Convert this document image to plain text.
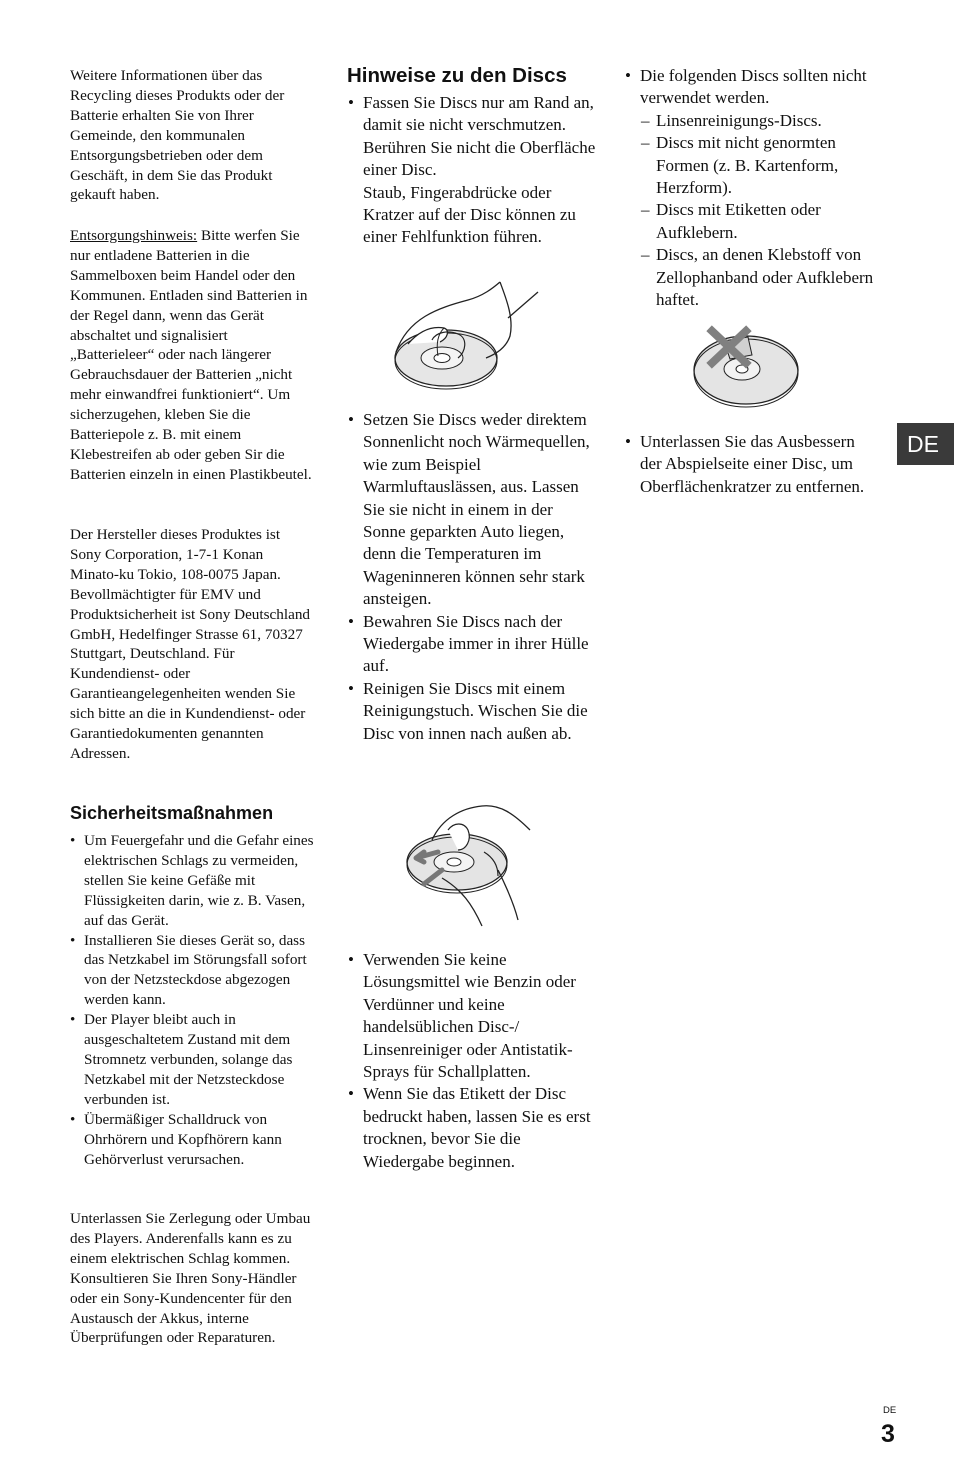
Weitere Informationen über das Recycling dieses Produkts oder der Batterie erhalten Sie von Ihrer Gemeinde, den kommunalen Entsorgungsbetrieben oder dem Geschäft, in dem Sie das Produkt gekauft haben.

Entsorgungshinweis: Bitte werfen Sie nur entladene Batterien in die Sammelboxen beim Handel oder den Kommunen. Entladen sind Batterien in der Regel dann, wenn das Gerät abschaltet und signalisiert „Batterieleer“ oder nach längerer Gebrauchsdauer der Batterien „nicht mehr einwandfrei funktioniert“. Um sicherzugehen, kleben Sie die Batteriepole z. B. mit einem Klebestreifen ab oder geben Sir die Batterien einzeln in einen Plastikbeutel.

Der Hersteller dieses Produktes ist Sony Corporation, 1-7-1 Konan Minato-ku Tokio, 108-0075 Japan. Bevollmächtigter für EMV und Produktsicherheit ist Sony Deutschland GmbH, Hedelfinger Strasse 61, 70327 Stuttgart, Deutschland. Für Kundendienst- oder Garantieangelegenheiten wenden Sie sich bitte an die in Kundendienst- oder Garantiedokumenten genannten Adressen.

Sicherheitsmaßnahmen
• Um Feuergefahr und die Gefahr eines elektrischen Schlags zu vermeiden, stellen Sie keine Gefäße mit Flüssigkeiten darin, wie z. B. Vasen, auf das Gerät.
• Installieren Sie dieses Gerät so, dass das Netzkabel im Störungsfall sofort von der Netzsteckdose abgezogen werden kann.
• Der Player bleibt auch in ausgeschaltetem Zustand mit dem Stromnetz verbunden, solange das Netzkabel mit der Netzsteckdose verbunden ist.
• Übermäßiger Schalldruck von Ohrhörern und Kopfhörern kann Gehörverlust verursachen.

Unterlassen Sie Zerlegung oder Umbau des Players. Anderenfalls kann es zu einem elektrischen Schlag kommen. Konsultieren Sie Ihren Sony-Händler oder ein Sony-Kundencenter für den Austausch der Akkus, interne Überprüfungen oder Reparaturen.

Hinweise zu den Discs
• Fassen Sie Discs nur am Rand an, damit sie nicht verschmutzen. Berühren Sie nicht die Oberfläche einer Disc.
Staub, Fingerabdrücke oder Kratzer auf der Disc können zu einer Fehlfunktion führen.
• Setzen Sie Discs weder direktem Sonnenlicht noch Wärmequellen, wie zum Beispiel Warmluftauslässen, aus. Lassen Sie sie nicht in einem in der Sonne geparkten Auto liegen, denn die Temperaturen im Wageninneren können sehr stark ansteigen.
• Bewahren Sie Discs nach der Wiedergabe immer in ihrer Hülle auf.
• Reinigen Sie Discs mit einem Reinigungstuch. Wischen Sie die Disc von innen nach außen ab.
• Verwenden Sie keine Lösungsmittel wie Benzin oder Verdünner und keine handelsüblichen Disc-/ Linsenreiniger oder Antistatik-Sprays für Schallplatten.
• Wenn Sie das Etikett der Disc bedruckt haben, lassen Sie es erst trocknen, bevor Sie die Wiedergabe beginnen.
• Die folgenden Discs sollten nicht verwendet werden.
– Linsenreinigungs-Discs.
– Discs mit nicht genormten Formen (z. B. Kartenform, Herzform).
– Discs mit Etiketten oder Aufklebern.
– Discs, an denen Klebstoff von Zellophanband oder Aufklebern haftet.
• Unterlassen Sie das Ausbessern der Abspielseite einer Disc, um Oberflächenkratzer zu entfernen.
DE
DE
3
